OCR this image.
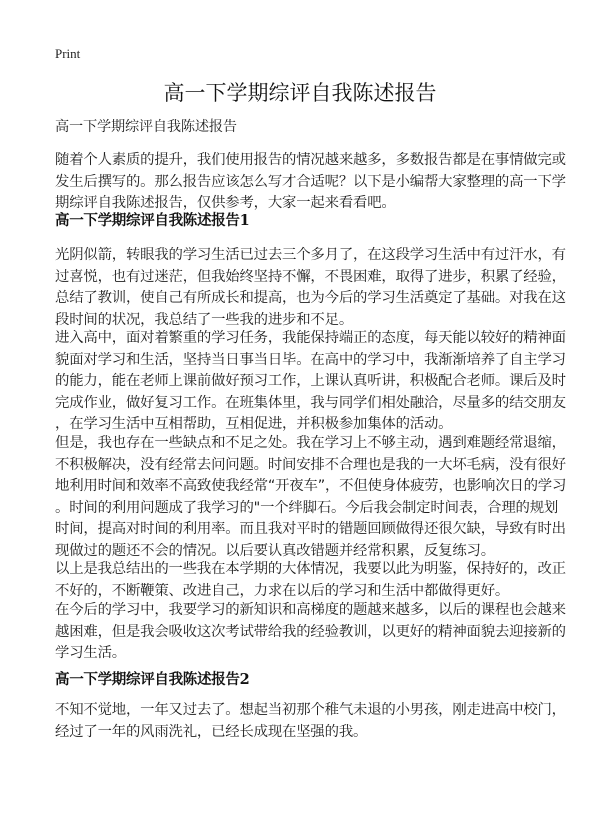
Print
高一下学期综评自我陈述报告
高一下学期综评自我陈述报告
随着个人素质的提升，我们使用报告的情况越来越多，多数报告都是在事情做完或
发生后撰写的。那么报告应该怎么写才合适呢？以下是小编帮大家整理的高一下学
期综评自我陈述报告，仅供参考，大家一起来看看吧。
高一下学期综评自我陈述报告1
光阴似箭，转眼我的学习生活已过去三个多月了，在这段学习生活中有过汗水，有
过喜悦，也有过迷茫，但我始终坚持不懈，不畏困难，取得了进步，积累了经验，
总结了教训，使自己有所成长和提高，也为今后的学习生活奠定了基础。对我在这
段时间的状况，我总结了一些我的进步和不足。
进入高中，面对着繁重的学习任务，我能保持端正的态度，每天能以较好的精神面
貌面对学习和生活，坚持当日事当日毕。在高中的学习中，我渐渐培养了自主学习
的能力，能在老师上课前做好预习工作，上课认真听讲，积极配合老师。课后及时
完成作业，做好复习工作。在班集体里，我与同学们相处融洽，尽量多的结交朋友
，在学习生活中互相帮助，互相促进，并积极参加集体的活动。
但是，我也存在一些缺点和不足之处。我在学习上不够主动，遇到难题经常退缩，
不积极解决，没有经常去问问题。时间安排不合理也是我的一大坏毛病，没有很好
地利用时间和效率不高致使我经常“开夜车”，不但使身体疲劳，也影响次日的学习
。时间的利用问题成了我学习的"一个绊脚石。今后我会制定时间表，合理的规划
时间，提高对时间的利用率。而且我对平时的错题回顾做得还很欠缺，导致有时出
现做过的题还不会的情况。以后要认真改错题并经常积累，反复练习。
以上是我总结出的一些我在本学期的大体情况，我要以此为明鉴，保持好的，改正
不好的，不断鞭策、改进自己，力求在以后的学习和生活中都做得更好。
在今后的学习中，我要学习的新知识和高梯度的题越来越多，以后的课程也会越来
越困难，但是我会吸收这次考试带给我的经验教训，以更好的精神面貌去迎接新的
学习生活。
高一下学期综评自我陈述报告2
不知不觉地，一年又过去了。想起当初那个稚气未退的小男孩，刚走进高中校门，
经过了一年的风雨洗礼，已经长成现在坚强的我。
